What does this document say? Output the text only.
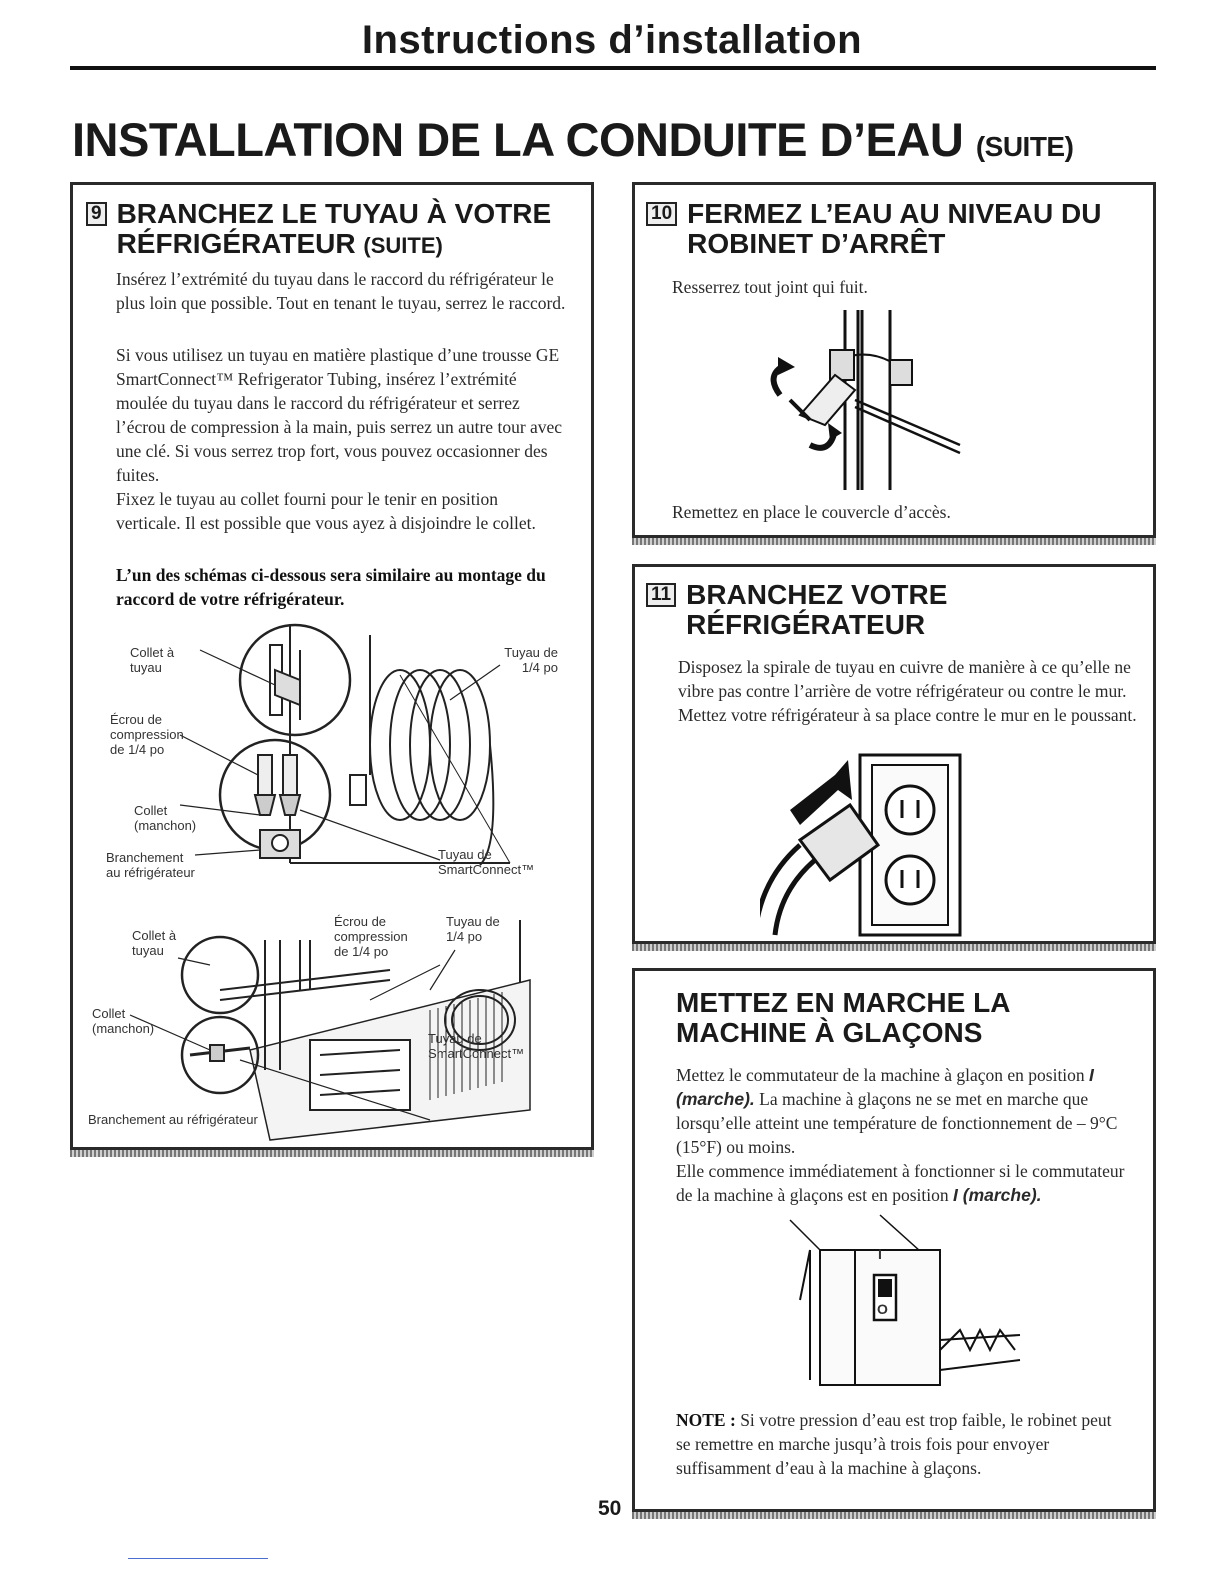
Instructions d’installation
INSTALLATION DE LA CONDUITE D’EAU (SUITE)
9 BRANCHEZ LE TUYAU À VOTRE
RÉFRIGÉRATEUR (SUITE)

Insérez l’extrémité du tuyau dans le raccord du réfrigérateur le plus loin que possible. Tout en tenant le tuyau, serrez le raccord.

Si vous utilisez un tuyau en matière plastique d’une trousse GE SmartConnect™ Refrigerator Tubing, insérez l’extrémité moulée du tuyau dans le raccord du réfrigérateur et serrez l’écrou de compression à la main, puis serrez un autre tour avec une clé. Si vous serrez trop fort, vous pouvez occasionner des fuites.

Fixez le tuyau au collet fourni pour le tenir en position verticale. Il est possible que vous ayez à disjoindre le collet.

L’un des schémas ci-dessous sera similaire au montage du raccord de votre réfrigérateur.

Collet à tuyau
Tuyau de 1/4 po
Écrou de compression de 1/4 po
Collet (manchon)
Branchement au réfrigérateur
Tuyau de SmartConnect™
Écrou de compression de 1/4 po
Tuyau de 1/4 po
Collet à tuyau
Collet (manchon)
Tuyau de SmartConnect™
Branchement au réfrigérateur
10 FERMEZ L’EAU AU NIVEAU DU
ROBINET D’ARRÊT

Resserrez tout joint qui fuit.

Remettez en place le couvercle d’accès.

11 BRANCHEZ VOTRE
RÉFRIGÉRATEUR

Disposez la spirale de tuyau en cuivre de manière à ce qu’elle ne vibre pas contre l’arrière de votre réfrigérateur ou contre le mur. Mettez votre réfrigérateur à sa place contre le mur en le poussant.

METTEZ EN MARCHE LA
MACHINE À GLAÇONS

Mettez le commutateur de la machine à glaçon en position I (marche). La machine à glaçons ne se met en marche que lorsqu’elle atteint une température de fonctionnement de – 9°C (15°F) ou moins.

Elle commence immédiatement à fonctionner si le commutateur de la machine à glaçons est en position I (marche).

I
O

NOTE : Si votre pression d’eau est trop faible, le robinet peut se remettre en marche jusqu’à trois fois pour envoyer suffisamment d’eau à la machine à glaçons.

50
